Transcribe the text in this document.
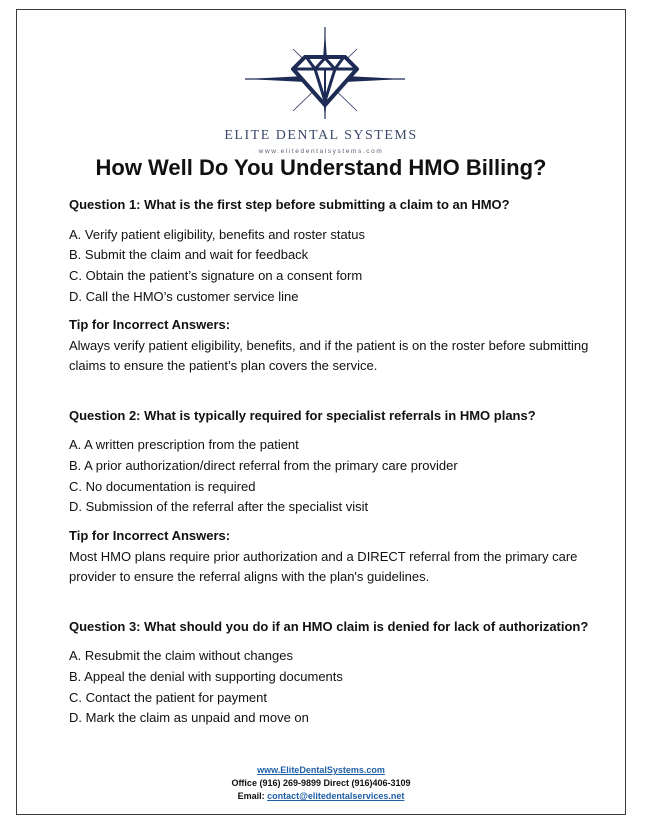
ELITE DENTAL SYSTEMS
www.elitedentalsystems.com
How Well Do You Understand HMO Billing?

Question 1: What is the first step before submitting a claim to an HMO?

A. Verify patient eligibility, benefits and roster status
B. Submit the claim and wait for feedback
C. Obtain the patient’s signature on a consent form
D. Call the HMO’s customer service line

Tip for Incorrect Answers:

Always verify patient eligibility, benefits, and if the patient is on the roster before submitting claims to ensure the patient’s plan covers the service.

Question 2: What is typically required for specialist referrals in HMO plans?

A. A written prescription from the patient
B. A prior authorization/direct referral from the primary care provider
C. No documentation is required
D. Submission of the referral after the specialist visit

Tip for Incorrect Answers:

Most HMO plans require prior authorization and a DIRECT referral from the primary care provider to ensure the referral aligns with the plan's guidelines.

Question 3: What should you do if an HMO claim is denied for lack of authorization?

A. Resubmit the claim without changes
B. Appeal the denial with supporting documents
C. Contact the patient for payment
D. Mark the claim as unpaid and move on
www.EliteDentalSystems.com
Office (916) 269-9899 Direct (916)406-3109
Email: contact@elitedentalservices.net
